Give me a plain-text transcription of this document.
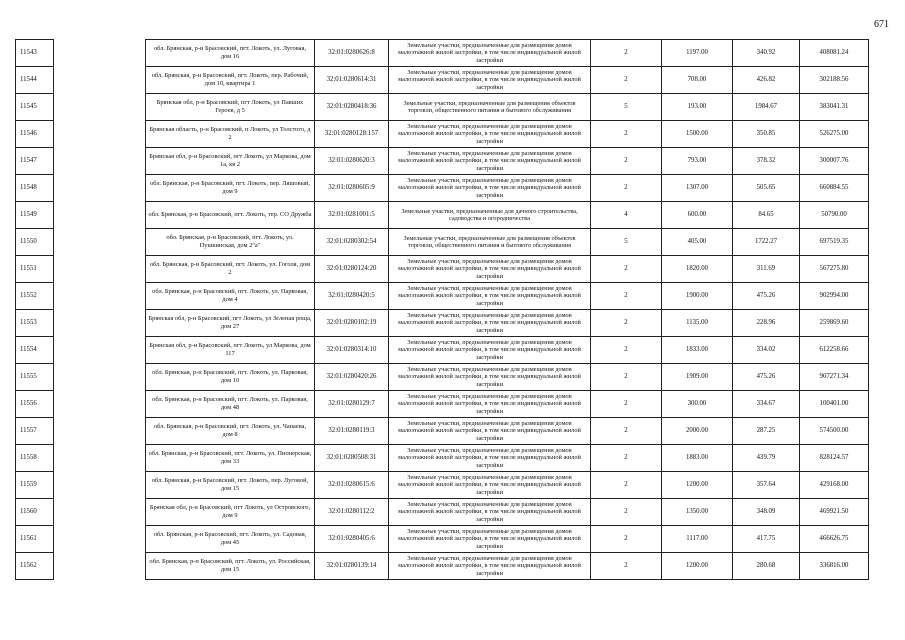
671
11543		обл. Брянская, р-н Брасовский, пгт. Локоть, ул. Луговая, дом 16	32:01:0280626:8	Земельные участки, предназначенные для размещения домов малоэтажной жилой застройки, в том числе индивидуальной жилой застройки	2	1197.00	340.92	408081.24
11544		обл. Брянская, р-н Брасовский, пгт. Локоть, пер. Рабочий, дом 10, квартира 1	32:01:0280614:31	Земельные участки, предназначенные для размещения домов малоэтажной жилой застройки, в том числе индивидуальной жилой застройки	2	708.00	426.82	302188.56
11545		Брянская обл, р-н Брасовский, пгт Локоть, ул Павших Героев, д 5	32:01:0280418:36	Земельные участки, предназначенные для размещения объектов торговли, общественного питания и бытового обслуживания	5	193.00	1984.67	383041.31
11546		Брянская область, р-н Брасовский, п Локоть, ул Толстого, д 2	32:01:0280128:157	Земельные участки, предназначенные для размещения домов малоэтажной жилой застройки, в том числе индивидуальной жилой застройки	2	1500.00	350.85	526275.00
11547		Брянская обл, р-н Брасовский, пгт Локоть, ул Маркова, дом 1а, кв 2	32:01:0280620:3	Земельные участки, предназначенные для размещения домов малоэтажной жилой застройки, в том числе индивидуальной жилой застройки	2	793.00	378.32	300007.76
11548		обл. Брянская, р-н Брасовский, пгт. Локоть, пер. Ляшовый, дом 9	32:01:0280605:9	Земельные участки, предназначенные для размещения домов малоэтажной жилой застройки, в том числе индивидуальной жилой застройки	2	1307.00	505.65	660884.55
11549		обл. Брянская, р-н Брасовский, пгт. Локоть, тер. СО Дружба	32:01:0281001:5	Земельные участки, предназначенные для дачного строительства, садоводства и огородничества	4	600.00	84.65	50790.00
11550		обл. Брянская, р-н Брасовский, пгт. Локоть, ул. Пушкинская, дом 2"а"	32:01:0280302:54	Земельные участки, предназначенные для размещения объектов торговли, общественного питания и бытового обслуживания	5	405.00	1722.27	697519.35
11551		обл. Брянская, р-н Брасовский, пгт. Локоть, ул. Гоголя, дом 2	32:01:0280124:20	Земельные участки, предназначенные для размещения домов малоэтажной жилой застройки, в том числе индивидуальной жилой застройки	2	1820.00	311.69	567275.80
11552		обл. Брянская, р-н Брасовский, пгт. Локоть, ул. Парковая, дом 4	32:01:0280420:5	Земельные участки, предназначенные для размещения домов малоэтажной жилой застройки, в том числе индивидуальной жилой застройки	2	1900.00	475.26	902994.00
11553		Брянская обл, р-н Брасовский, пгт Локоть, ул Зеленая роща, дом 27	32:01:0280102:19	Земельные участки, предназначенные для размещения домов малоэтажной жилой застройки, в том числе индивидуальной жилой застройки	2	1135.00	228.96	259869.60
11554		Брянская обл, р-н Брасовский, пгт Локоть, ул Маркова, дом 117	32:01:0280314:10	Земельные участки, предназначенные для размещения домов малоэтажной жилой застройки, в том числе индивидуальной жилой застройки	2	1833.00	334.02	612258.66
11555		обл. Брянская, р-н Брасовский, пгт. Локоть, ул. Парковая, дом 10	32:01:0280420:26	Земельные участки, предназначенные для размещения домов малоэтажной жилой застройки, в том числе индивидуальной жилой застройки	2	1909.00	475.26	907271.34
11556		обл. Брянская, р-н Брасовский, пгт. Локоть, ул. Парковая, дом 48	32:01:0280129:7	Земельные участки, предназначенные для размещения домов малоэтажной жилой застройки, в том числе индивидуальной жилой застройки	2	300.00	334.67	100401.00
11557		обл. Брянская, р-н Брасовский, пгт. Локоть, ул. Чапаева, дом 8	32:01:0280119:3	Земельные участки, предназначенные для размещения домов малоэтажной жилой застройки, в том числе индивидуальной жилой застройки	2	2000.00	287.25	574500.00
11558		обл. Брянская, р-н Брасовский, пгт. Локоть, ул. Пионерская, дом 33	32:01:0280508:31	Земельные участки, предназначенные для размещения домов малоэтажной жилой застройки, в том числе индивидуальной жилой застройки	2	1883.00	439.79	828124.57
11559		обл. Брянская, р-н Брасовский, пгт. Локоть, пер. Луговой, дом 15	32:01:0280615:6	Земельные участки, предназначенные для размещения домов малоэтажной жилой застройки, в том числе индивидуальной жилой застройки	2	1200.00	357.64	429168.00
11560		Брянская обл, р-н Брасовский, пгт Локоть, ул Островского, дом 9	32:01:0280112:2	Земельные участки, предназначенные для размещения домов малоэтажной жилой застройки, в том числе индивидуальной жилой застройки	2	1350.00	348.09	469921.50
11561		обл. Брянская, р-н Брасовский, пгт. Локоть, ул. Садовая, дом 45	32:01:0280405:6	Земельные участки, предназначенные для размещения домов малоэтажной жилой застройки, в том числе индивидуальной жилой застройки	2	1117.00	417.75	466626.75
11562		обл. Брянская, р-н Брасовский, пгт. Локоть, ул. Российская, дом 15	32:01:0280139:14	Земельные участки, предназначенные для размещения домов малоэтажной жилой застройки, в том числе индивидуальной жилой застройки	2	1200.00	280.68	336816.00
